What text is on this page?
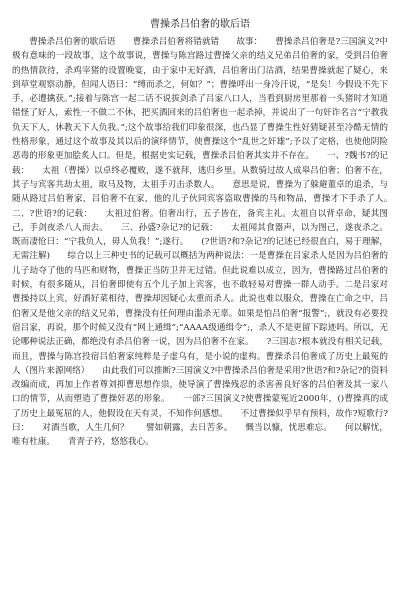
曹操杀吕伯奢的歇后语

　　曹操杀吕伯奢的歇后语　　曹操杀吕伯奢将错就错　　故事：　　曹操杀吕伯奢是?三国演义?中极有意味的一段故事，这个故事说，曹操与陈宫路过曹操父亲的结义兄弟吕伯奢的家，受到吕伯奢的热情款待，杀鸡宰猪的设置晚宴，由于家中无好酒，吕伯奢出门沽酒，结果曹操就起了疑心，来到草堂观察动静，但闻人语曰：“缚而杀之，何如？”；曹操呼出一身冷汗说，“是矣！今假设不先下手，必遭擒获。”;接着与陈宫一起二话不说拔剑杀了吕家八口人，当看到厨房里那着一头猪时才知道错怪了好人，索性一不做二不休，把买酒回来的吕伯奢也一起杀掉，并说出了一句奸诈名言“宁教我负天下人，休教天下人负我。”;这个故事给我们印象很深，也凸显了曹操生性好猜疑甚至冷酷无情的性格形象，通过这个故事及其以后的演绎情节，使曹操这个“乱世之奸雄”;予以了定格，也使他阴险恶毒的形象更加脍炙人口。但是，根据史实记载，曹操杀吕伯奢其实并不存在。　　一、?魏书?的记载：　　太祖（曹操）以卓终必覆败，遂不就拜，逃归乡里。从数骑过故人成皋吕伯奢；伯奢不在，其子与宾客共劫太祖，取马及物，太祖手刃击杀数人。　　意思是说，曹操为了躲避董卓的追杀，与随从路过吕伯奢家，吕伯奢不在家，他的儿子伙同宾客盗取曹操的马和物品，曹操才下手杀了人。　　二、?世语?的记载：　　太祖过伯奢。伯奢出行，五子皆在，备宾主礼。太祖自以背卓命，疑其图己，手剑夜杀八人而去。　　三、孙盛?杂记?的记载：　　太祖闻其食器声，以为图己，遂夜杀之。既而凄怆曰：“宁我负人，毋人负我！”;遂行。　　(?世语?和?杂记?的记述已经很直白，易于理解，无需注解)　　综合以上三种史书的记载可以概括为两种说法：一是曹操在吕家杀人是因为吕伯奢的儿子劫夺了他的马匹和财物，曹操正当防卫并无过错。但此说难以成立，因为，曹操路过吕伯奢的时候，有很多随从，吕伯奢即使有五个儿子加上宾客，也不敢轻易对曹操一群人动手。二是吕家对曹操持以上宾，好酒好菜相待，曹操却因疑心太重而杀人。此说也难以服众，曹操在亡命之中，吕伯奢又是他父亲的结义兄弟，曹操没有任何理由滥杀无辜。如果是怕吕伯奢“报警”;，就没有必要投宿吕家，再说，那个时候又没有“网上通缉”;“AAAA级通缉令”;，杀人不是更留下踪迹吗。所以，无论哪种说法正确，都绝没有杀吕伯奢一说，因为吕伯奢不在家。　　?三国志?根本就没有相关记载，而且，曹操与陈宫投宿吕伯奢家纯粹是子虚乌有，是小说的虚构。曹操杀吕伯奢成了历史上最冤的人（图片来源网络）　　由此我们可以推断?三国演义?中曹操杀吕伯奢是采用?世语?和?杂记?的资料改编而成，再加上作者尊刘抑曹思想作祟，使导演了曹操残忍的杀害善良好客的吕伯奢及其一家八口的情节，从而塑造了曹操奸恶的形象。　　一部?三国演义?使曹操蒙冤近2000年，()曹操真的成了历史上最冤屈的人，他假设在天有灵，不知作何感想。　　不过曹操似乎早有预料，故作?短歌行?曰：　　对酒当歌，人生几何？　　譬如朝露，去日苦多。　　慨当以慷，忧思难忘。　　何以解忧，唯有杜康。　　青青子衿，悠悠我心。
